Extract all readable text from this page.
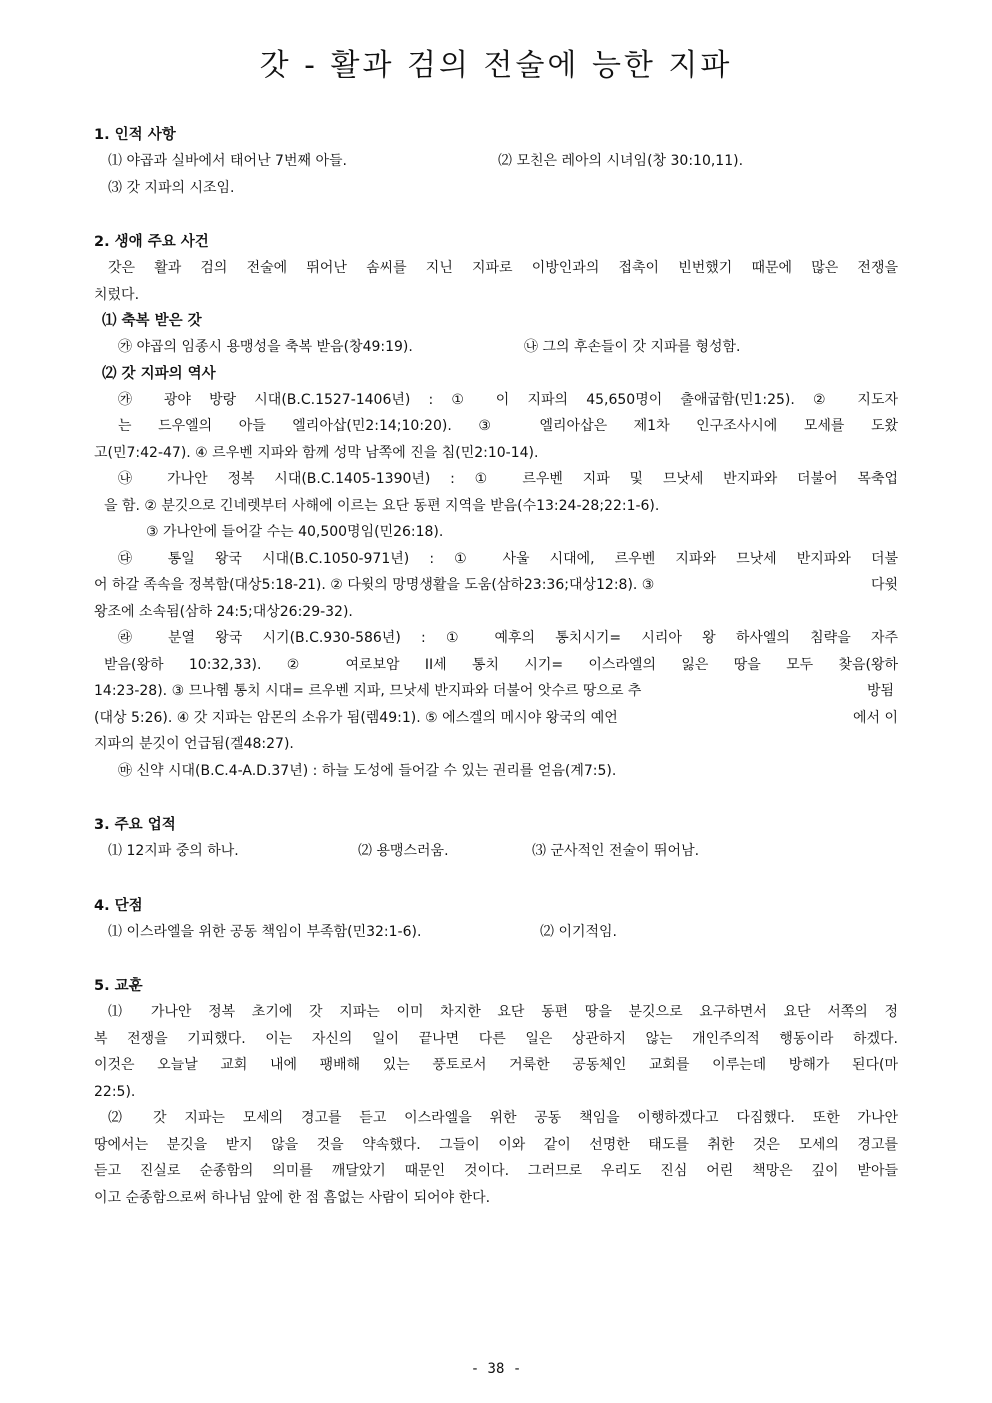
갓 - 활과 검의 전술에 능한 지파
1. 인적 사항
⑴ 야곱과 실바에서 태어난 7번째 아들.	⑵ 모친은 레아의 시녀임(창 30:10,11).
⑶ 갓 지파의 시조임.
2. 생애 주요 사건
갓은 활과 검의 전술에 뛰어난 솜씨를 지닌 지파로 이방인과의 접촉이 빈번했기 때문에 많은 전쟁을
치렀다.
⑴ 축복 받은 갓
㉮ 야곱의 임종시 용맹성을 축복 받음(창49:19).	㉯ 그의 후손들이 갓 지파를 형성함.
⑵ 갓 지파의 역사
㉮ 광야 방랑 시대(B.C.1527-1406년) : ① 이 지파의 45,650명이 출애굽함(민1:25). ② 지도자
는 드우엘의 아들 엘리아삽(민2:14;10:20). ③ 엘리아삽은 제1차 인구조사시에 모세를 도왔
고(민7:42-47). ④ 르우벤 지파와 함께 성막 남쪽에 진을 침(민2:10-14).
㉯ 가나안 정복 시대(B.C.1405-1390년) : ① 르우벤 지파 및 므낫세 반지파와 더불어 목축업
을 함. ② 분깃으로 긴네렛부터 사해에 이르는 요단 동편 지역을 받음(수13:24-28;22:1-6).
③ 가나안에 들어갈 수는 40,500명임(민26:18).
㉰ 통일 왕국 시대(B.C.1050-971년) : ① 사울 시대에, 르우벤 지파와 므낫세 반지파와 더불
어 하갈 족속을 정복함(대상5:18-21). ② 다윗의 망명생활을 도움(삼하23:36;대상12:8). ③	다윗
왕조에 소속됨(삼하 24:5;대상26:29-32).
㉱ 분열 왕국 시기(B.C.930-586년) : ① 예후의 통치시기= 시리아 왕 하사엘의 침략을 자주
받음(왕하 10:32,33). ② 여로보암 II세 통치 시기= 이스라엘의 잃은 땅을 모두 찾음(왕하
14:23-28). ③ 므나헴 통치 시대= 르우벤 지파, 므낫세 반지파와 더불어 앗수르 땅으로 추	방됨
(대상 5:26). ④ 갓 지파는 암몬의 소유가 됨(렘49:1). ⑤ 에스겔의 메시야 왕국의 예언	에서 이
지파의 분깃이 언급됨(겔48:27).
㉲ 신약 시대(B.C.4-A.D.37년) : 하늘 도성에 들어갈 수 있는 권리를 얻음(계7:5).
3. 주요 업적
⑴ 12지파 중의 하나.	⑵ 용맹스러움.	⑶ 군사적인 전술이 뛰어남.
4. 단점
⑴ 이스라엘을 위한 공동 책임이 부족함(민32:1-6).	⑵ 이기적임.
5. 교훈
⑴ 가나안 정복 초기에 갓 지파는 이미 차지한 요단 동편 땅을 분깃으로 요구하면서 요단 서쪽의 정
복 전쟁을 기피했다. 이는 자신의 일이 끝나면 다른 일은 상관하지 않는 개인주의적 행동이라 하겠다.
이것은 오늘날 교회 내에 팽배해 있는 풍토로서 거룩한 공동체인 교회를 이루는데 방해가 된다(마
22:5).
⑵ 갓 지파는 모세의 경고를 듣고 이스라엘을 위한 공동 책임을 이행하겠다고 다짐했다. 또한 가나안
땅에서는 분깃을 받지 않을 것을 약속했다. 그들이 이와 같이 선명한 태도를 취한 것은 모세의 경고를
듣고 진실로 순종함의 의미를 깨달았기 때문인 것이다. 그러므로 우리도 진심 어린 책망은 깊이 받아들
이고 순종함으로써 하나님 앞에 한 점 흠없는 사람이 되어야 한다.
- 38 -
